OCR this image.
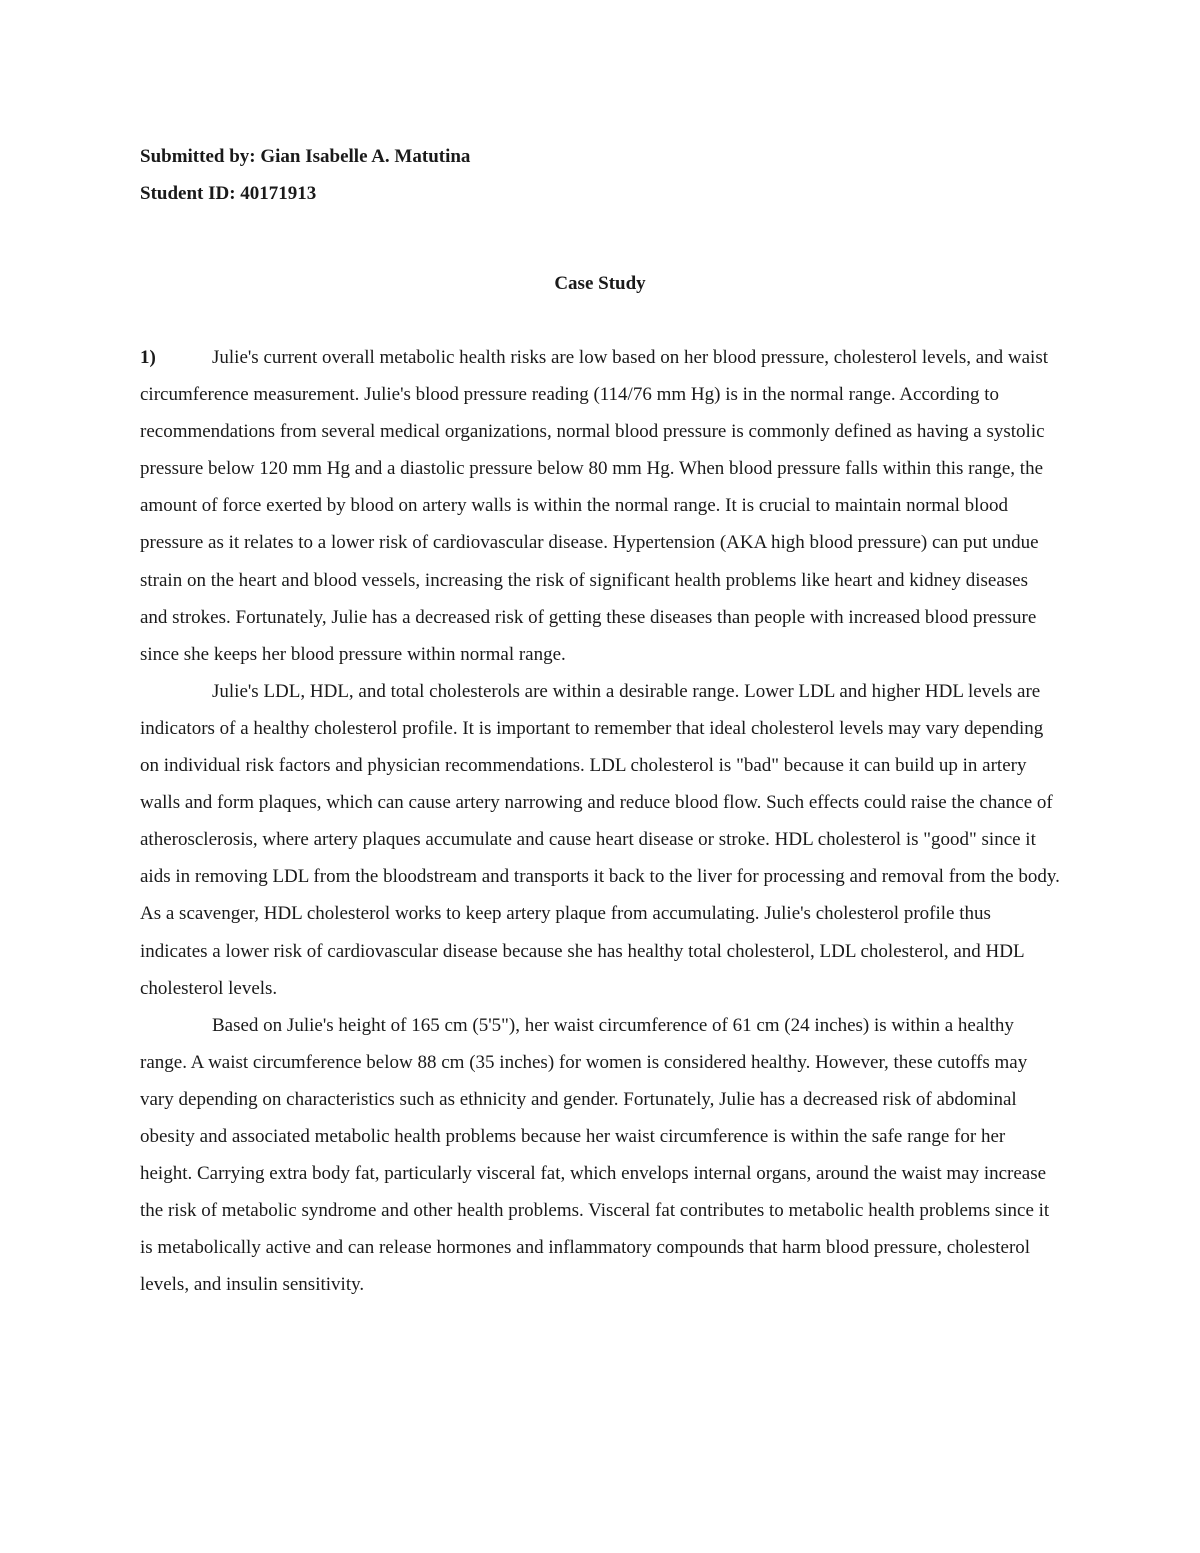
Submitted by: Gian Isabelle A. Matutina
Student ID: 40171913
Case Study

1)	Julie's current overall metabolic health risks are low based on her blood pressure, cholesterol levels, and waist circumference measurement. Julie's blood pressure reading (114/76 mm Hg) is in the normal range. According to recommendations from several medical organizations, normal blood pressure is commonly defined as having a systolic pressure below 120 mm Hg and a diastolic pressure below 80 mm Hg. When blood pressure falls within this range, the amount of force exerted by blood on artery walls is within the normal range. It is crucial to maintain normal blood pressure as it relates to a lower risk of cardiovascular disease. Hypertension (AKA high blood pressure) can put undue strain on the heart and blood vessels, increasing the risk of significant health problems like heart and kidney diseases and strokes. Fortunately, Julie has a decreased risk of getting these diseases than people with increased blood pressure since she keeps her blood pressure within normal range.

Julie's LDL, HDL, and total cholesterols are within a desirable range. Lower LDL and higher HDL levels are indicators of a healthy cholesterol profile. It is important to remember that ideal cholesterol levels may vary depending on individual risk factors and physician recommendations. LDL cholesterol is "bad" because it can build up in artery walls and form plaques, which can cause artery narrowing and reduce blood flow. Such effects could raise the chance of atherosclerosis, where artery plaques accumulate and cause heart disease or stroke. HDL cholesterol is "good" since it aids in removing LDL from the bloodstream and transports it back to the liver for processing and removal from the body. As a scavenger, HDL cholesterol works to keep artery plaque from accumulating. Julie's cholesterol profile thus indicates a lower risk of cardiovascular disease because she has healthy total cholesterol, LDL cholesterol, and HDL cholesterol levels.

Based on Julie's height of 165 cm (5'5"), her waist circumference of 61 cm (24 inches) is within a healthy range. A waist circumference below 88 cm (35 inches) for women is considered healthy. However, these cutoffs may vary depending on characteristics such as ethnicity and gender. Fortunately, Julie has a decreased risk of abdominal obesity and associated metabolic health problems because her waist circumference is within the safe range for her height. Carrying extra body fat, particularly visceral fat, which envelops internal organs, around the waist may increase the risk of metabolic syndrome and other health problems. Visceral fat contributes to metabolic health problems since it is metabolically active and can release hormones and inflammatory compounds that harm blood pressure, cholesterol levels, and insulin sensitivity.
